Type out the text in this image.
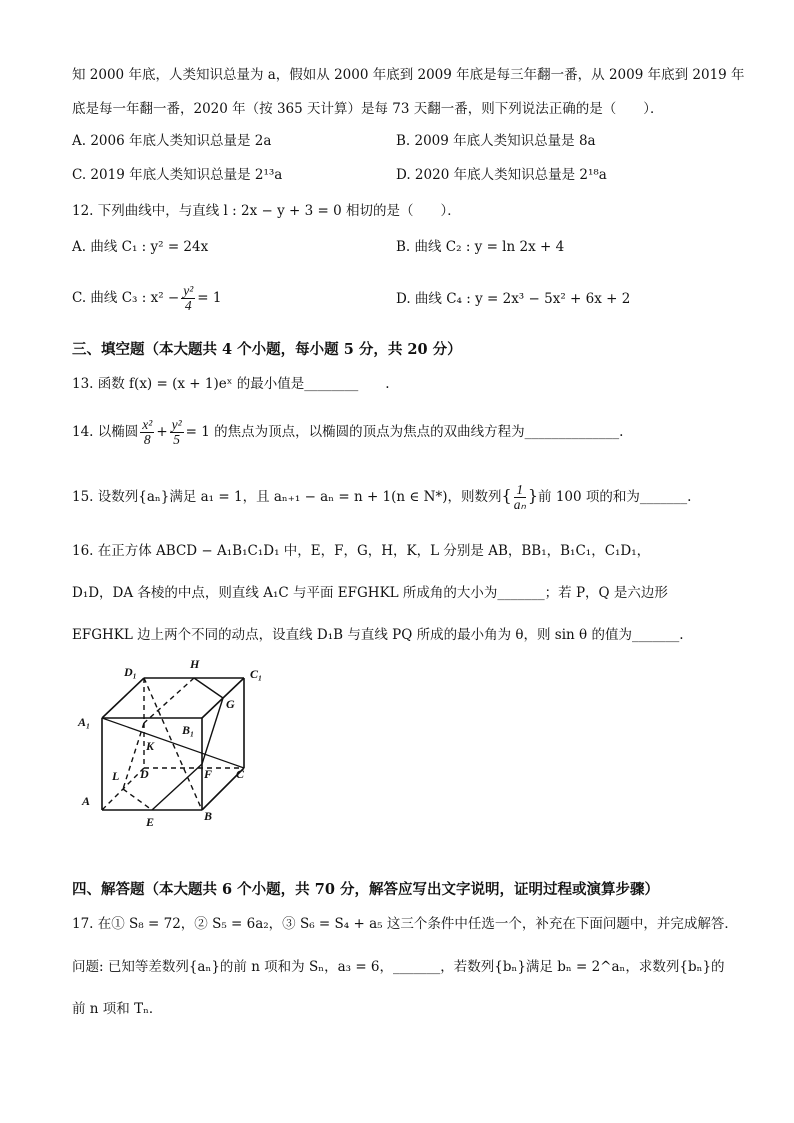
知 2000 年底，人类知识总量为 a，假如从 2000 年底到 2009 年底是每三年翻一番，从 2009 年底到 2019 年
底是每一年翻一番，2020 年（按 365 天计算）是每 73 天翻一番，则下列说法正确的是（　　）．
A. 2006 年底人类知识总量是 2a	B. 2009 年底人类知识总量是 8a
C. 2019 年底人类知识总量是 2¹³a	D. 2020 年底人类知识总量是 2¹⁸a
12. 下列曲线中，与直线 l : 2x − y + 3 = 0 相切的是（　　）．
A. 曲线 C₁ : y² = 24x	B. 曲线 C₂ : y = ln 2x + 4
C. 曲线 C₃ : $x^2 - \frac{\text{y²}}{4} = 1$	D. 曲线 C₄ : y = 2x³ − 5x² + 6x + 2
三、填空题（本大题共 4 个小题，每小题 5 分，共 20 分）
13. 函数 f(x) = (x + 1)eˣ 的最小值是________　　.
14. 以椭圆 $\frac{\text{x²}}{8} + \frac{\text{y²}}{5} = 1$ 的焦点为顶点，以椭圆的顶点为焦点的双曲线方程为______________.
15. 设数列{aₙ}满足 a₁ = 1，且 aₙ₊₁ − aₙ = n + 1(n ∈ N*)，则数列{ $\frac{1}{\text{aₙ}}$ }前 100 项的和为_______.
16. 在正方体 ABCD − A₁B₁C₁D₁ 中，E，F，G，H，K，L 分别是 AB，BB₁，B₁C₁，C₁D₁，
D₁D，DA 各棱的中点，则直线 A₁C 与平面 EFGHKL 所成角的大小为_______；若 P，Q 是六边形
EFGHKL 边上两个不同的动点，设直线 D₁B 与直线 PQ 所成的最小角为 θ，则 sin θ 的值为_______.
D₁
H
C₁
G
A₁
B₁
K
D
L	F C
A
B
E
四、解答题（本大题共 6 个小题，共 70 分，解答应写出文字说明，证明过程或演算步骤）
17. 在① S₈ = 72，② S₅ = 6a₂，③ S₆ = S₄ + a₅ 这三个条件中任选一个，补充在下面问题中，并完成解答．
问题: 已知等差数列{aₙ}的前 n 项和为 Sₙ，a₃ = 6，_______，若数列{bₙ}满足 bₙ = 2^aₙ，求数列{bₙ}的
前 n 项和 Tₙ．
